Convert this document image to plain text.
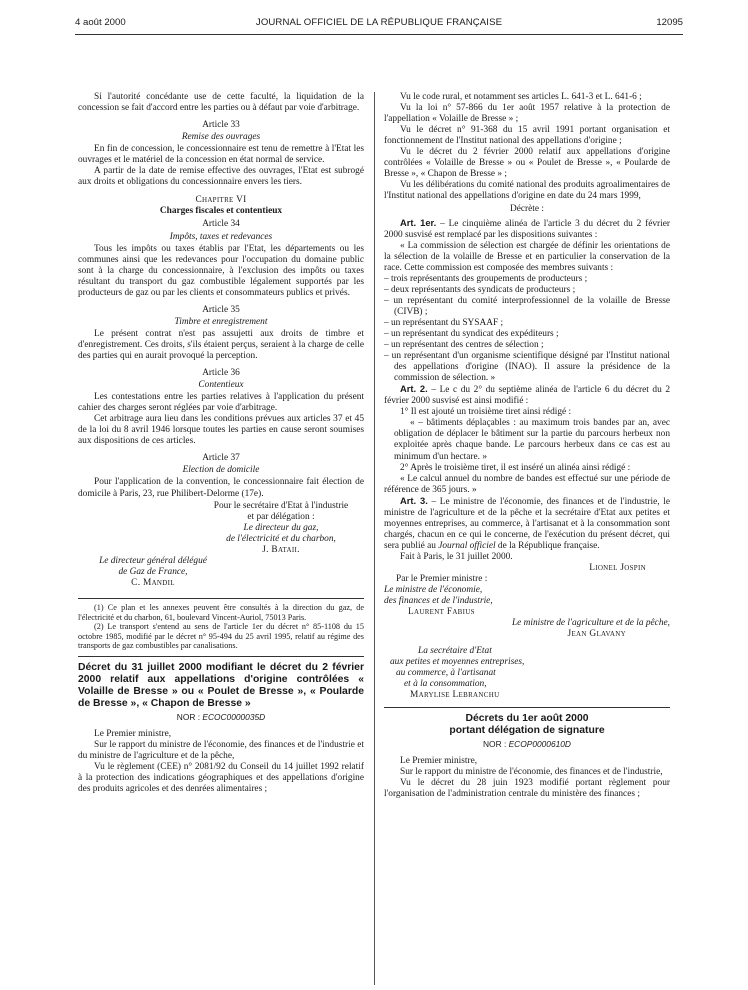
4 août 2000	JOURNAL OFFICIEL DE LA RÉPUBLIQUE FRANÇAISE	12095

Si l'autorité concédante use de cette faculté, la liquidation de la concession se fait d'accord entre les parties ou à défaut par voie d'arbitrage.

Article 33

Remise des ouvrages

En fin de concession, le concessionnaire est tenu de remettre à l'Etat les ouvrages et le matériel de la concession en état normal de service.

A partir de la date de remise effective des ouvrages, l'Etat est subrogé aux droits et obligations du concessionnaire envers les tiers.

Chapitre VI

Charges fiscales et contentieux

Article 34

Impôts, taxes et redevances

Tous les impôts ou taxes établis par l'Etat, les départements ou les communes ainsi que les redevances pour l'occupation du domaine public sont à la charge du concessionnaire, à l'exclusion des impôts ou taxes résultant du transport du gaz combustible légalement supportés par les producteurs de gaz ou par les clients et consommateurs publics et privés.

Article 35

Timbre et enregistrement

Le présent contrat n'est pas assujetti aux droits de timbre et d'enregistrement. Ces droits, s'ils étaient perçus, seraient à la charge de celle des parties qui en aurait provoqué la perception.

Article 36

Contentieux

Les contestations entre les parties relatives à l'application du présent cahier des charges seront réglées par voie d'arbitrage.

Cet arbitrage aura lieu dans les conditions prévues aux articles 37 et 45 de la loi du 8 avril 1946 lorsque toutes les parties en cause seront soumises aux dispositions de ces articles.

Article 37

Election de domicile

Pour l'application de la convention, le concessionnaire fait élection de domicile à Paris, 23, rue Philibert-Delorme (17e).

Pour le secrétaire d'Etat à l'industrie

et par délégation :

Le directeur du gaz,

de l'électricité et du charbon,

J. Bataii.

Le directeur général délégué

de Gaz de France,

C. Mandil

(1) Ce plan et les annexes peuvent être consultés à la direction du gaz, de l'électricité et du charbon, 61, boulevard Vincent-Auriol, 75013 Paris.

(2) Le transport s'entend au sens de l'article 1er du décret n° 85-1108 du 15 octobre 1985, modifié par le décret n° 95-494 du 25 avril 1995, relatif au régime des transports de gaz combustibles par canalisations.

Décret du 31 juillet 2000 modifiant le décret du 2 février 2000 relatif aux appellations d'origine contrôlées « Volaille de Bresse » ou « Poulet de Bresse », « Poularde de Bresse », « Chapon de Bresse »

NOR : ECOC0000035D

Le Premier ministre,

Sur le rapport du ministre de l'économie, des finances et de l'industrie et du ministre de l'agriculture et de la pêche,

Vu le règlement (CEE) n° 2081/92 du Conseil du 14 juillet 1992 relatif à la protection des indications géographiques et des appellations d'origine des produits agricoles et des denrées alimentaires ;

Vu le code rural, et notamment ses articles L. 641-3 et L. 641-6 ;

Vu la loi n° 57-866 du 1er août 1957 relative à la protection de l'appellation « Volaille de Bresse » ;

Vu le décret n° 91-368 du 15 avril 1991 portant organisation et fonctionnement de l'Institut national des appellations d'origine ;

Vu le décret du 2 février 2000 relatif aux appellations d'origine contrôlées « Volaille de Bresse » ou « Poulet de Bresse », « Poularde de Bresse », « Chapon de Bresse » ;

Vu les délibérations du comité national des produits agroalimentaires de l'Institut national des appellations d'origine en date du 24 mars 1999,

Décrète :

Art. 1er. – Le cinquième alinéa de l'article 3 du décret du 2 février 2000 susvisé est remplacé par les dispositions suivantes :

« La commission de sélection est chargée de définir les orientations de la sélection de la volaille de Bresse et en particulier la conservation de la race. Cette commission est composée des membres suivants :

– trois représentants des groupements de producteurs ;

– deux représentants des syndicats de producteurs ;

– un représentant du comité interprofessionnel de la volaille de Bresse (CIVB) ;

– un représentant du SYSAAF ;

– un représentant du syndicat des expéditeurs ;

– un représentant des centres de sélection ;

– un représentant d'un organisme scientifique désigné par l'Institut national des appellations d'origine (INAO). Il assure la présidence de la commission de sélection. »

Art. 2. – Le c du 2° du septième alinéa de l'article 6 du décret du 2 février 2000 susvisé est ainsi modifié :

1° Il est ajouté un troisième tiret ainsi rédigé :

« – bâtiments déplaçables : au maximum trois bandes par an, avec obligation de déplacer le bâtiment sur la partie du parcours herbeux non exploitée après chaque bande. Le parcours herbeux dans ce cas est au minimum d'un hectare. »

2° Après le troisième tiret, il est inséré un alinéa ainsi rédigé :

« Le calcul annuel du nombre de bandes est effectué sur une période de référence de 365 jours. »

Art. 3. – Le ministre de l'économie, des finances et de l'industrie, le ministre de l'agriculture et de la pêche et la secrétaire d'Etat aux petites et moyennes entreprises, au commerce, à l'artisanat et à la consommation sont chargés, chacun en ce qui le concerne, de l'exécution du présent décret, qui sera publié au Journal officiel de la République française.

Fait à Paris, le 31 juillet 2000.

Lionel Jospin

Par le Premier ministre :

Le ministre de l'économie,

des finances et de l'industrie,

Laurent Fabius

Le ministre de l'agriculture et de la pêche,

Jean Glavany

La secrétaire d'Etat

aux petites et moyennes entreprises,

au commerce, à l'artisanat

et à la consommation,

Marylise Lebranchu

Décrets du 1er août 2000

portant délégation de signature

NOR : ECOP0000610D

Le Premier ministre,

Sur le rapport du ministre de l'économie, des finances et de l'industrie,

Vu le décret du 28 juin 1923 modifié portant règlement pour l'organisation de l'administration centrale du ministère des finances ;
